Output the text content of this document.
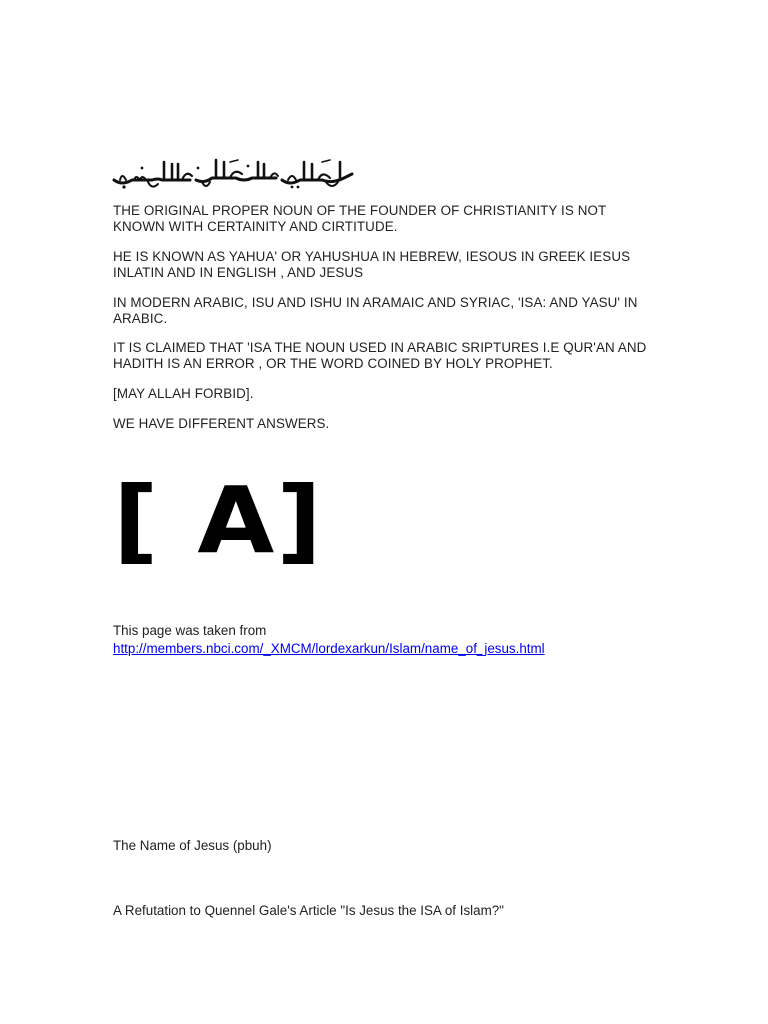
THE ORIGINAL PROPER NOUN OF THE FOUNDER OF CHRISTIANITY IS NOT KNOWN WITH CERTAINITY AND CIRTITUDE.
HE IS KNOWN AS YAHUA' OR YAHUSHUA IN HEBREW, IESOUS IN GREEK IESUS INLATIN AND IN ENGLISH , AND JESUS
IN MODERN ARABIC, ISU AND ISHU IN ARAMAIC AND SYRIAC, 'ISA: AND YASU' IN ARABIC.
IT IS CLAIMED THAT 'ISA THE NOUN USED IN ARABIC SRIPTURES I.E QUR'AN AND HADITH IS AN ERROR , OR THE WORD COINED BY HOLY PROPHET.
[MAY ALLAH FORBID].
WE HAVE DIFFERENT ANSWERS.
[ A]
This page was taken from
http://members.nbci.com/_XMCM/lordexarkun/Islam/name_of_jesus.html
The Name of Jesus (pbuh)
A Refutation to Quennel Gale's Article "Is Jesus the ISA of Islam?"
